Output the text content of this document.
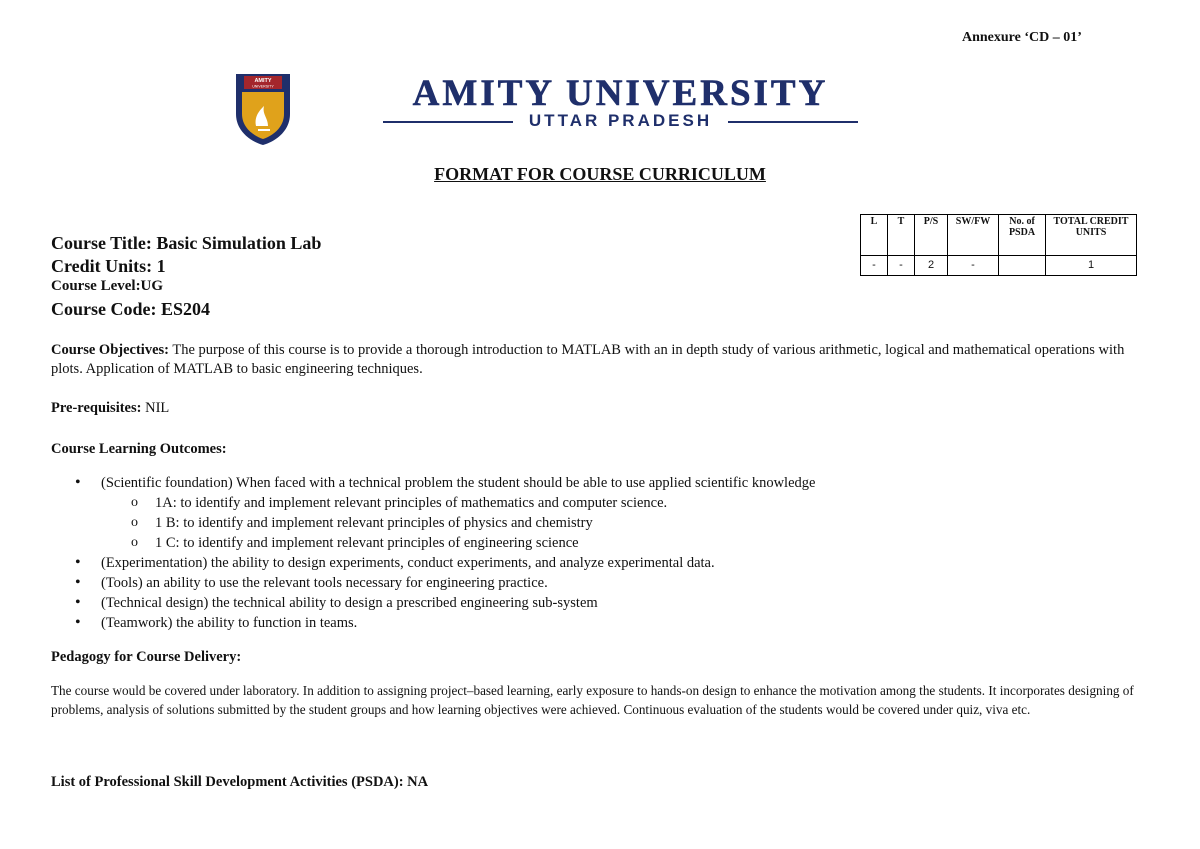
Annexure ‘CD – 01’
AMITY
UNIVERSITY	AMITY UNIVERSITY
UTTAR PRADESH
FORMAT FOR COURSE CURRICULUM
Course Title: Basic Simulation Lab
Credit Units: 1
Course Level:UG
Course Code: ES204
L	T	P/S	SW/FW	No. of PSDA	TOTAL CREDIT UNITS
-	-	2	-		1
Course Objectives: The purpose of this course is to provide a thorough introduction to MATLAB with an in depth study of various arithmetic, logical and mathematical operations with plots. Application of MATLAB to basic engineering techniques.
Pre-requisites: NIL
Course Learning Outcomes:
• (Scientific foundation) When faced with a technical problem the student should be able to use applied scientific knowledge
o 1A: to identify and implement relevant principles of mathematics and computer science.
o 1 B: to identify and implement relevant principles of physics and chemistry
o 1 C: to identify and implement relevant principles of engineering science
• (Experimentation) the ability to design experiments, conduct experiments, and analyze experimental data.
• (Tools) an ability to use the relevant tools necessary for engineering practice.
• (Technical design) the technical ability to design a prescribed engineering sub-system
• (Teamwork) the ability to function in teams.
Pedagogy for Course Delivery:
The course would be covered under laboratory. In addition to assigning project–based learning, early exposure to hands-on design to enhance the motivation among the students. It incorporates designing of problems, analysis of solutions submitted by the student groups and how learning objectives were achieved. Continuous evaluation of the students would be covered under quiz, viva etc.
List of Professional Skill Development Activities (PSDA): NA
